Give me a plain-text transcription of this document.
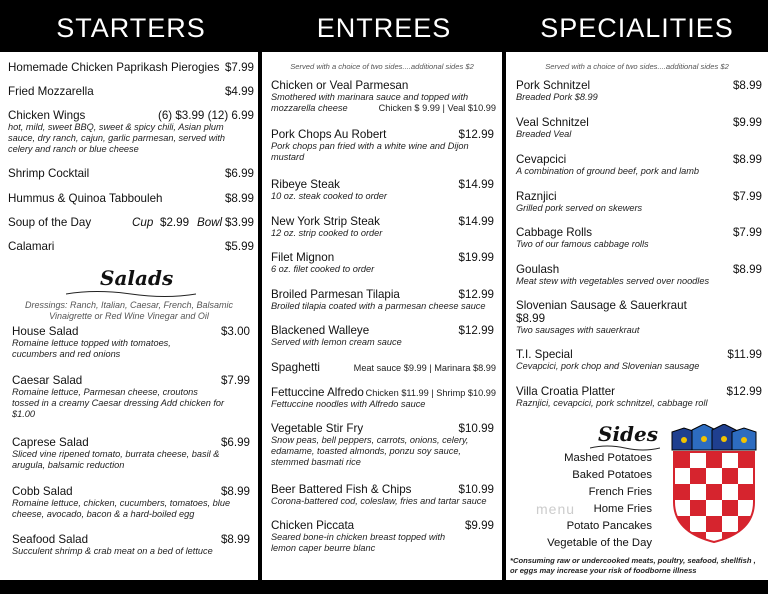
STARTERS	ENTREES	SPECIALITIES
Homemade Chicken Paprikash Pierogies $7.99
Fried Mozzarella	$4.99
Chicken Wings	(6) $3.99 (12) 6.99
hot, mild, sweet BBQ, sweet & spicy chili, Asian plum sauce, dry ranch, cajun, garlic parmesan, served with celery and ranch or blue cheese
Shrimp Cocktail	$6.99
Hummus & Quinoa Tabbouleh	$8.99
Soup of the Day	Cup $2.99 Bowl $3.99
Calamari	$5.99
Salads
Dressings: Ranch, Italian, Caesar, French, Balsamic Vinaigrette or Red Wine Vinegar and Oil
House Salad	$3.00
Romaine lettuce topped with tomatoes, cucumbers and red onions
Caesar Salad	$7.99
Romaine lettuce, Parmesan cheese, croutons tossed in a creamy Caesar dressing Add chicken for $1.00
Caprese Salad	$6.99
Sliced vine ripened tomato, burrata cheese, basil & arugula, balsamic reduction
Cobb Salad	$8.99
Romaine lettuce, chicken, cucumbers, tomatoes, blue cheese, avocado, bacon & a hard-boiled egg
Seafood Salad	$8.99
Succulent shrimp & crab meat on a bed of lettuce
Served with a choice of two sides....additional sides $2
Chicken or Veal Parmesan
Smothered with marinara sauce and topped with mozzarella cheese	Chicken $ 9.99 | Veal $10.99
Pork Chops Au Robert	$12.99
Pork chops pan fried with a white wine and Dijon mustard
Ribeye Steak	$14.99
10 oz. steak cooked to order
New York Strip Steak	$14.99
12 oz. strip cooked to order
Filet Mignon	$19.99
6 oz. filet cooked to order
Broiled Parmesan Tilapia	$12.99
Broiled tilapia coated with a parmesan cheese sauce
Blackened Walleye	$12.99
Served with lemon cream sauce
Spaghetti	Meat sauce $9.99 | Marinara $8.99
Fettuccine Alfredo Chicken $11.99 | Shrimp $10.99
Fettuccine noodles with Alfredo sauce
Vegetable Stir Fry	$10.99
Snow peas, bell peppers, carrots, onions, celery, edamame, toasted almonds, ponzu soy sauce, stemmed basmati rice
Beer Battered Fish & Chips	$10.99
Corona-battered cod, coleslaw, fries and tartar sauce
Chicken Piccata	$9.99
Seared bone-in chicken breast topped with lemon caper beurre blanc
Served with a choice of two sides....additional sides $2
Pork Schnitzel	$8.99
Breaded Pork $8.99
Veal Schnitzel	$9.99
Breaded Veal
Cevapcici	$8.99
A combination of ground beef, pork and lamb
Raznjici	$7.99
Grilled pork served on skewers
Cabbage Rolls	$7.99
Two of our famous cabbage rolls
Goulash	$8.99
Meat stew with vegetables served over noodles
Slovenian Sausage & Sauerkraut
$8.99
Two sausages with sauerkraut
T.I. Special	$11.99
Cevapcici, pork chop and Slovenian sausage
Villa Croatia Platter	$12.99
Raznjici, cevapcici, pork schnitzel, cabbage roll
Sides
Mashed Potatoes
Baked Potatoes
French Fries
menu	Home Fries
Potato Pancakes
Vegetable of the Day
*Consuming raw or undercooked meats, poultry, seafood, shellfish , or eggs may increase your risk of foodborne illness
